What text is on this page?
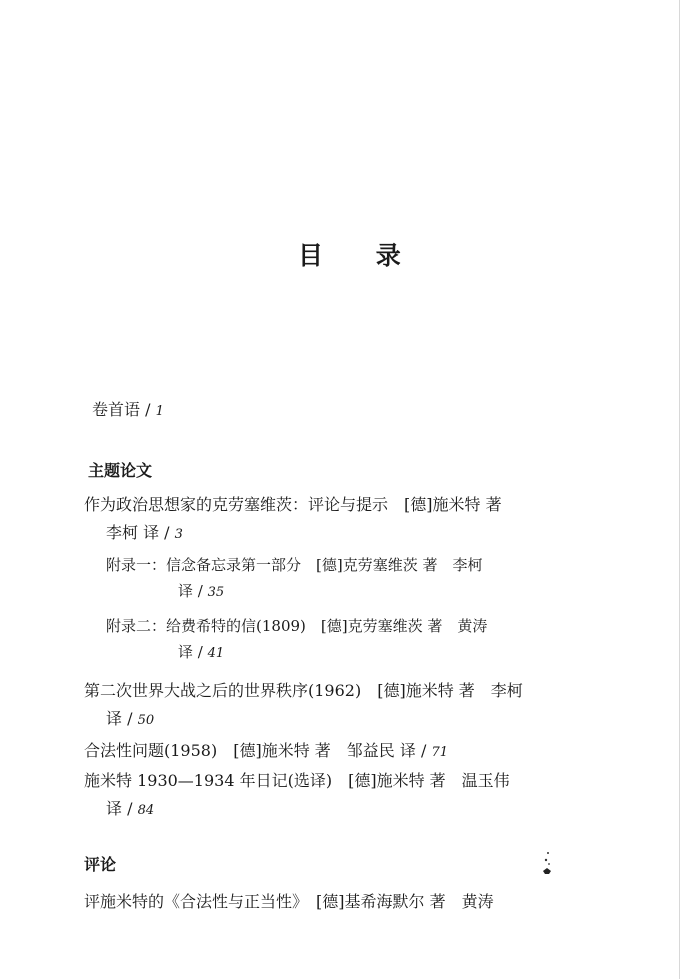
目 录
卷首语 / 1
主题论文
作为政治思想家的克劳塞维茨：评论与提示　[德]施米特 著
李柯 译 / 3
附录一：信念备忘录第一部分　[德]克劳塞维茨 著　李柯
译 / 35
附录二：给费希特的信(1809)　[德]克劳塞维茨 著　黄涛
译 / 41
第二次世界大战之后的世界秩序(1962)　[德]施米特 著　李柯
译 / 50
合法性问题(1958)　[德]施米特 著　邹益民 译 / 71
施米特 1930—1934 年日记(选译)　[德]施米特 著　温玉伟
译 / 84
评论
评施米特的《合法性与正当性》　[德]基希海默尔 著　黄涛
